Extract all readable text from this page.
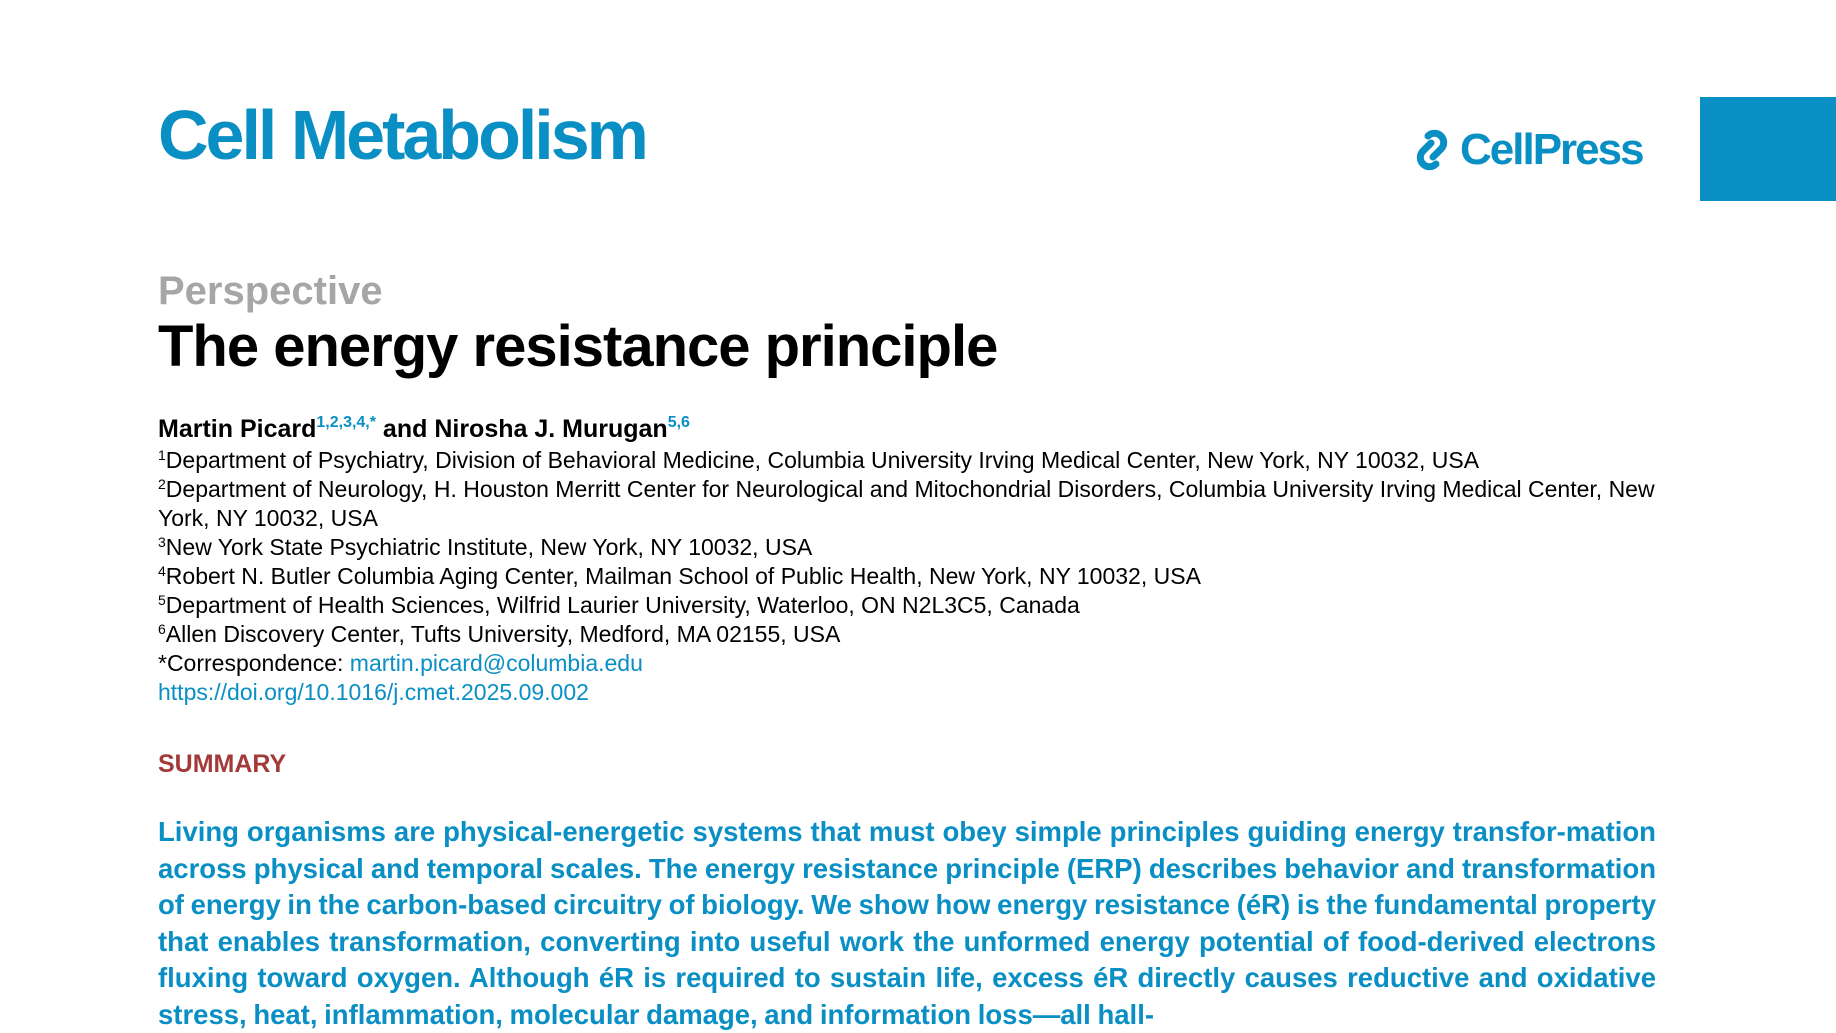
Cell Metabolism	CellPress
Perspective
The energy resistance principle
Martin Picard$^{1,2,3,4,*}$ and Nirosha J. Murugan$^{5,6}$
$^1$Department of Psychiatry, Division of Behavioral Medicine, Columbia University Irving Medical Center, New York, NY 10032, USA
$^2$Department of Neurology, H. Houston Merritt Center for Neurological and Mitochondrial Disorders, Columbia University Irving Medical Center, New York, NY 10032, USA
$^3$New York State Psychiatric Institute, New York, NY 10032, USA
$^4$Robert N. Butler Columbia Aging Center, Mailman School of Public Health, New York, NY 10032, USA
$^5$Department of Health Sciences, Wilfrid Laurier University, Waterloo, ON N2L3C5, Canada
$^6$Allen Discovery Center, Tufts University, Medford, MA 02155, USA
*Correspondence: martin.picard@columbia.edu
https://doi.org/10.1016/j.cmet.2025.09.002
SUMMARY
Living organisms are physical-energetic systems that must obey simple principles guiding energy transfor-mation across physical and temporal scales. The energy resistance principle (ERP) describes behavior and transformation of energy in the carbon-based circuitry of biology. We show how energy resistance (éR) is the fundamental property that enables transformation, converting into useful work the unformed energy potential of food-derived electrons fluxing toward oxygen. Although éR is required to sustain life, excess éR directly causes reductive and oxidative stress, heat, inflammation, molecular damage, and information loss—all hall-
